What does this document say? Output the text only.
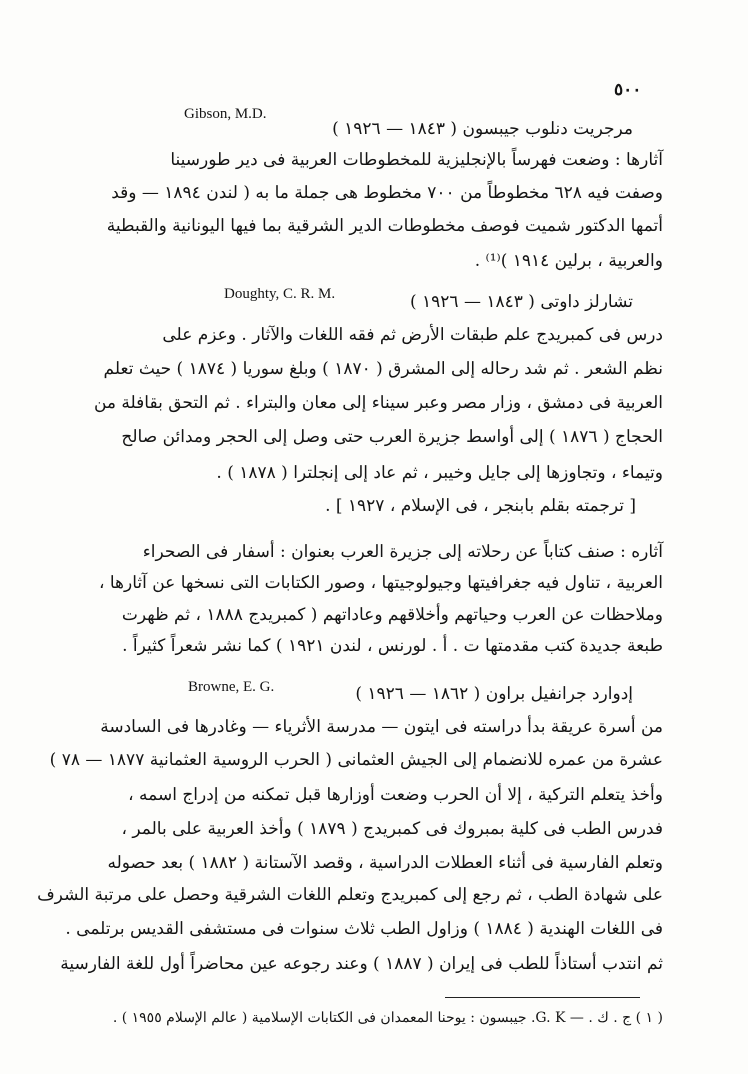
٥٠٠
Gibson, M.D.
مرجريت دنلوب جيبسون ( ١٨٤٣ — ١٩٢٦ )
آثارها : وضعت فهرساً بالإنجليزية للمخطوطات العربية فى دير طورسينا
وصفت فيه ٦٢٨ مخطوطاً من ٧٠٠ مخطوط هى جملة ما به ( لندن ١٨٩٤ — وقد
أتمها الدكتور شميت فوصف مخطوطات الدير الشرقية بما فيها اليونانية والقبطية
والعربية ، برلين ١٩١٤ )⁽¹⁾ .
Doughty, C. R. M.	تشارلز داوتى ( ١٨٤٣ — ١٩٢٦ )
درس فى كمبريدج علم طبقات الأرض ثم فقه اللغات والآثار . وعزم على
نظم الشعر . ثم شد رحاله إلى المشرق ( ١٨٧٠ ) وبلغ سوريا ( ١٨٧٤ ) حيث تعلم
العربية فى دمشق ، وزار مصر وعبر سيناء إلى معان والبتراء . ثم التحق بقافلة من
الحجاج ( ١٨٧٦ ) إلى أواسط جزيرة العرب حتى وصل إلى الحجر ومدائن صالح
وتيماء ، وتجاوزها إلى جايل وخيبر ، ثم عاد إلى إنجلترا ( ١٨٧٨ ) .
[ ترجمته بقلم بابنجر ، فى الإسلام ، ١٩٢٧ ] .
آثاره : صنف كتاباً عن رحلاته إلى جزيرة العرب بعنوان : أسفار فى الصحراء
العربية ، تناول فيه جغرافيتها وجيولوجيتها ، وصور الكتابات التى نسخها عن آثارها ،
وملاحظات عن العرب وحياتهم وأخلاقهم وعاداتهم ( كمبريدج ١٨٨٨ ، ثم ظهرت
طبعة جديدة كتب مقدمتها ت . أ . لورنس ، لندن ١٩٢١ ) كما نشر شعراً كثيراً .
Browne, E. G.	إدوارد جرانفيل براون ( ١٨٦٢ — ١٩٢٦ )
من أسرة عريقة بدأ دراسته فى ايتون — مدرسة الأثرياء — وغادرها فى السادسة
عشرة من عمره للانضمام إلى الجيش العثمانى ( الحرب الروسية العثمانية ١٨٧٧ — ٧٨ )
وأخذ يتعلم التركية ، إلا أن الحرب وضعت أوزارها قبل تمكنه من إدراج اسمه ،
فدرس الطب فى كلية بمبروك فى كمبريدج ( ١٨٧٩ ) وأخذ العربية على بالمر ،
وتعلم الفارسية فى أثناء العطلات الدراسية ، وقصد الآستانة ( ١٨٨٢ ) بعد حصوله
على شهادة الطب ، ثم رجع إلى كمبريدج وتعلم اللغات الشرقية وحصل على مرتبة الشرف
فى اللغات الهندية ( ١٨٨٤ ) وزاول الطب ثلاث سنوات فى مستشفى القديس برتلمى .
ثم انتدب أستاذاً للطب فى إيران ( ١٨٨٧ ) وعند رجوعه عين محاضراً أول للغة الفارسية
( ١ ) ج . ك . — G. K. جيبسون : يوحنا المعمدان فى الكتابات الإسلامية ( عالم الإسلام ١٩٥٥ ) .
